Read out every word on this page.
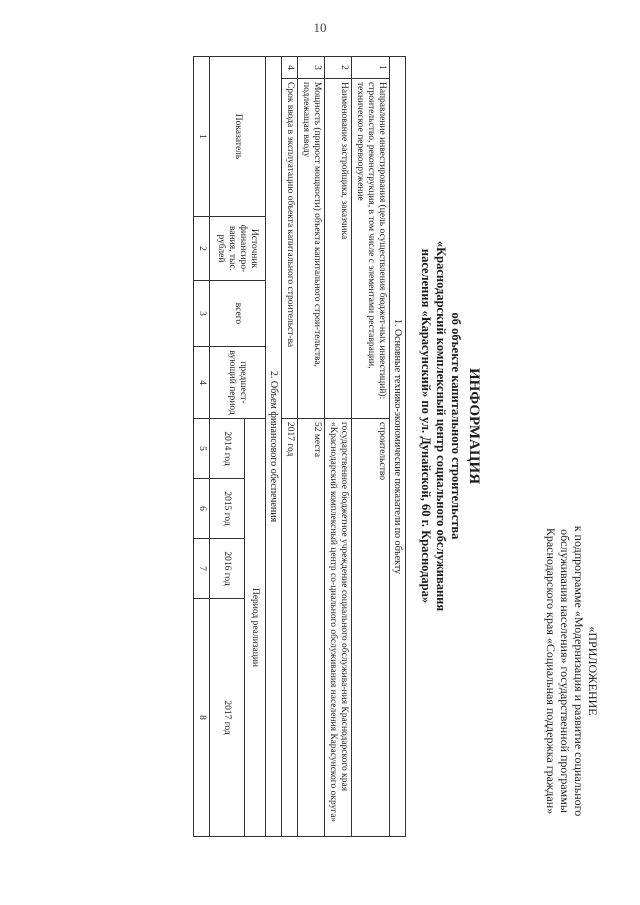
10
«ПРИЛОЖЕНИЕ
к подпрограмме «Модернизация и развитие социального
обслуживания населения» государственной программы
Краснодарского края «Социальная поддержка граждан»
ИНФОРМАЦИЯ
об объекте капитального строительства
«Краснодарский комплексный центр социального обслуживания
населения «Карасунский» по ул. Дунайской, 60 г. Краснодара»
1. Основные технико-экономические показатели по объекту								
1	Направление инвестирования (цель осуществления бюджет-ных инвестиций): строительство, реконструкция, в том числе с элементами реставрации, техническое перевооружение				строительство			
2	Наименование застройщика, заказчика				государственное бюджетное учреждение социального обслужива-ния Краснодарского края «Краснодарский комплексный центр со-циального обслуживания населения Карасунского округа»			
3	Мощность (прирост мощности) объекта капитального строи-тельства, подлежащая вводу				52 места			
4	Срок ввода в эксплуатацию объекта капитального строительст-ва				2017 год			
2. Объем финансового обеспечения								
Показатель		Источник финансиро-вания, тыс. рублей	всего	предшест-вующий период	Период реализации			
					2014 год	2015 год	2016 год	2017 год
1		2	3	4	5	6	7	8
